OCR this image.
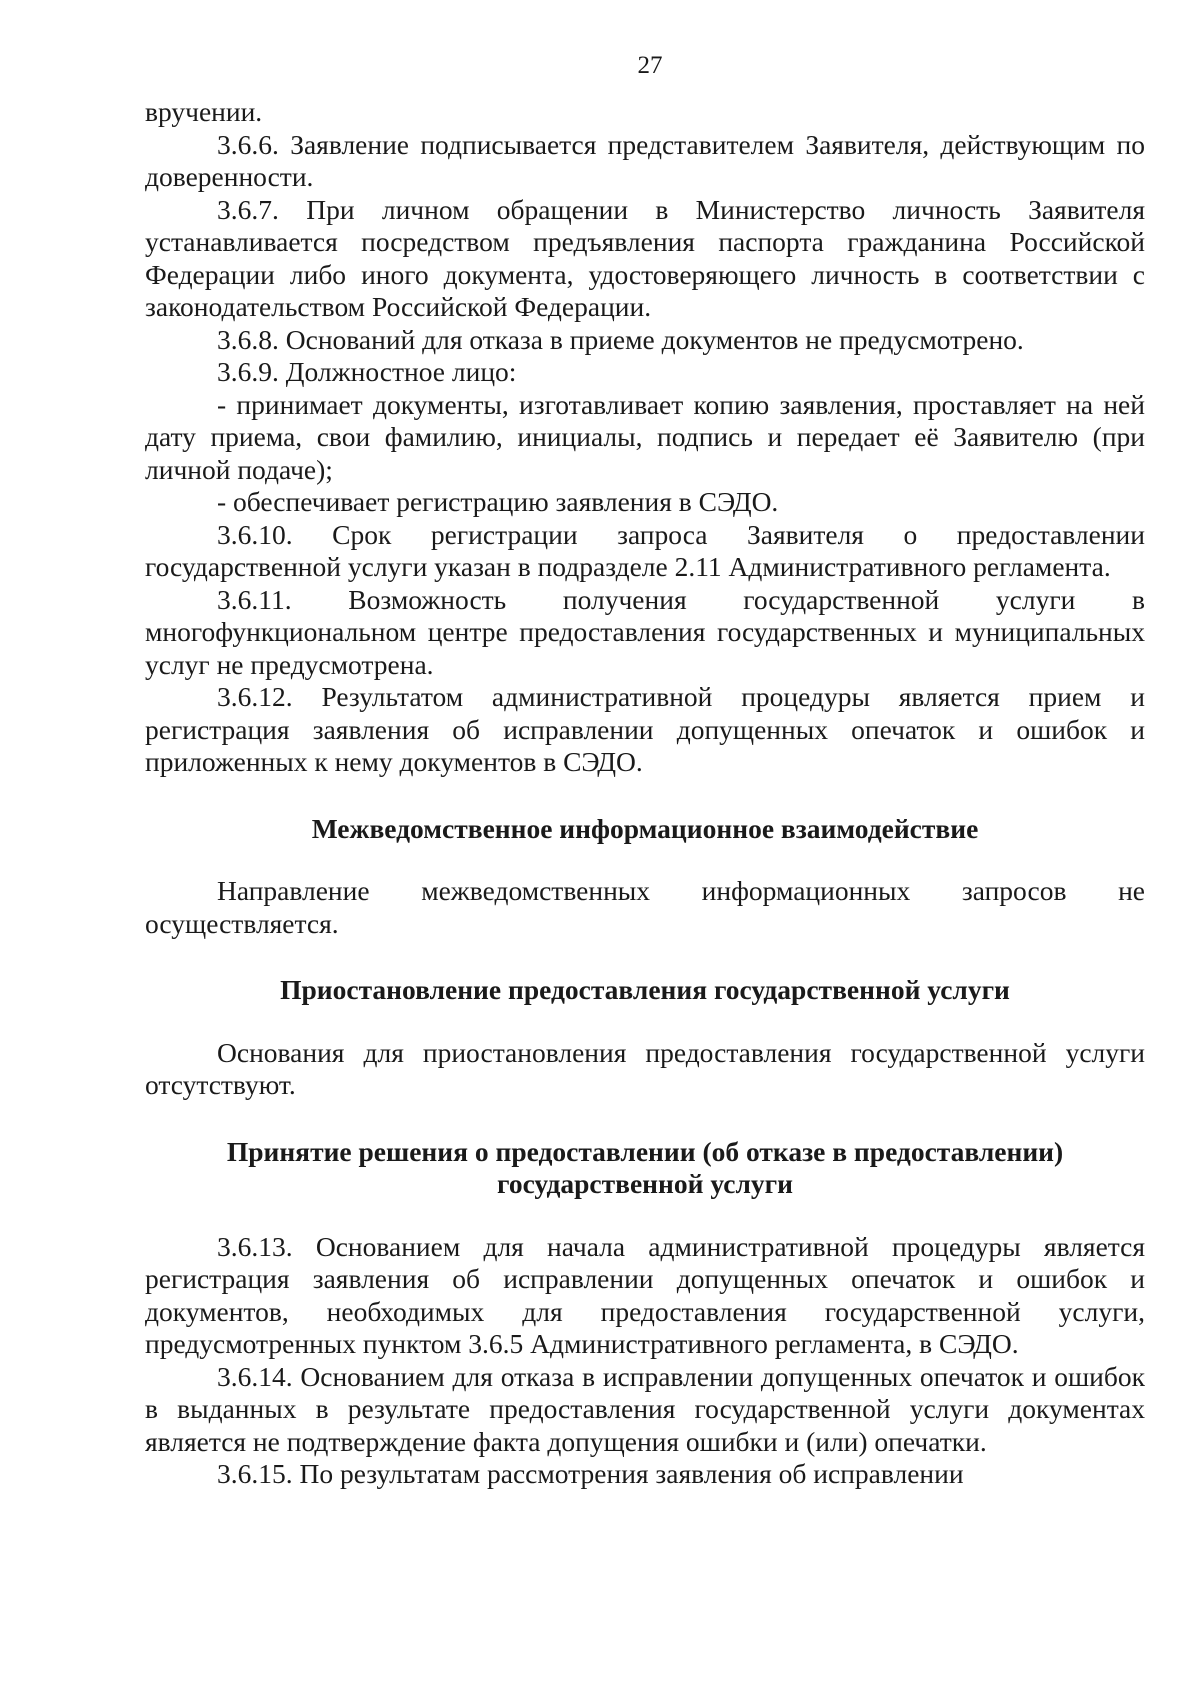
27

вручении.

3.6.6. Заявление подписывается представителем Заявителя, действующим по доверенности.

3.6.7. При личном обращении в Министерство личность Заявителя устанавливается посредством предъявления паспорта гражданина Российской Федерации либо иного документа, удостоверяющего личность в соответствии с законодательством Российской Федерации.

3.6.8. Оснований для отказа в приеме документов не предусмотрено.

3.6.9. Должностное лицо:

- принимает документы, изготавливает копию заявления, проставляет на ней дату приема, свои фамилию, инициалы, подпись и передает её Заявителю (при личной подаче);

- обеспечивает регистрацию заявления в СЭДО.

3.6.10. Срок регистрации запроса Заявителя о предоставлении государственной услуги указан в подразделе 2.11 Административного регламента.

3.6.11. Возможность получения государственной услуги в многофункциональном центре предоставления государственных и муниципальных услуг не предусмотрена.

3.6.12. Результатом административной процедуры является прием и регистрация заявления об исправлении допущенных опечаток и ошибок и приложенных к нему документов в СЭДО.

Межведомственное информационное взаимодействие

Направление межведомственных информационных запросов не осуществляется.

Приостановление предоставления государственной услуги

Основания для приостановления предоставления государственной услуги отсутствуют.

Принятие решения о предоставлении (об отказе в предоставлении)

государственной услуги

3.6.13. Основанием для начала административной процедуры является регистрация заявления об исправлении допущенных опечаток и ошибок и документов, необходимых для предоставления государственной услуги, предусмотренных пунктом 3.6.5 Административного регламента, в СЭДО.

3.6.14. Основанием для отказа в исправлении допущенных опечаток и ошибок в выданных в результате предоставления государственной услуги документах является не подтверждение факта допущения ошибки и (или) опечатки.

3.6.15. По результатам рассмотрения заявления об исправлении
